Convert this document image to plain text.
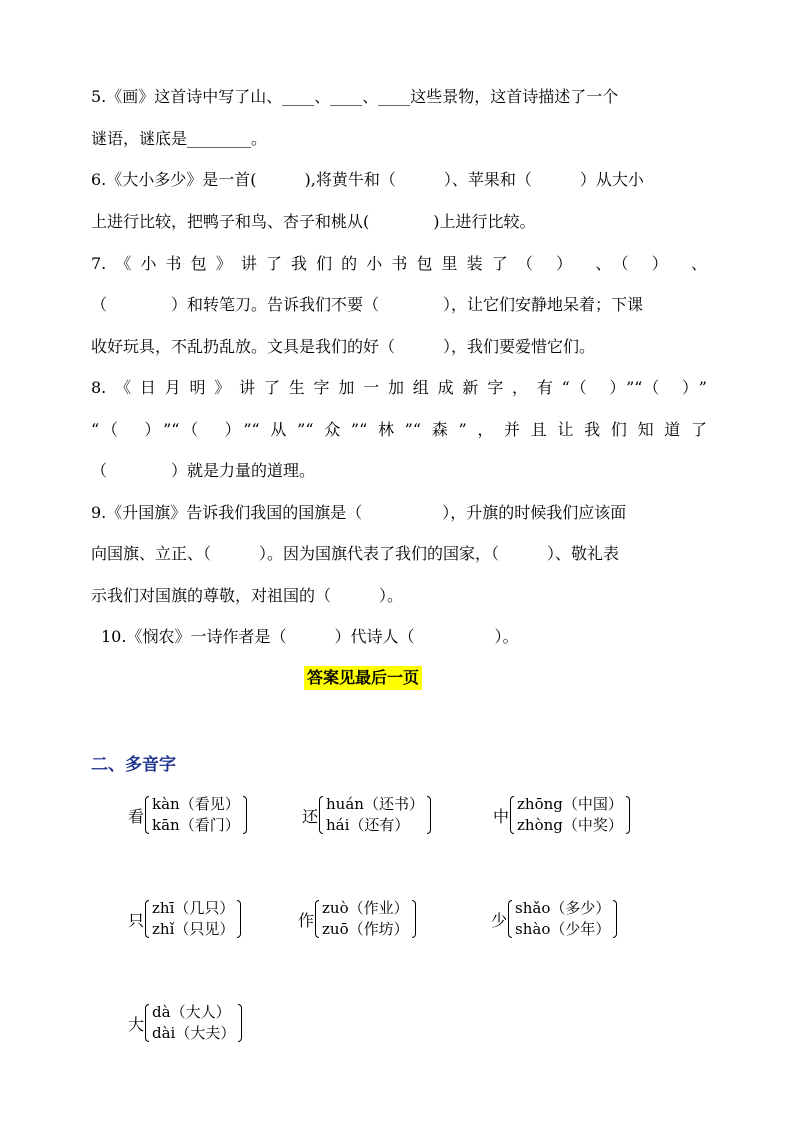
5.《画》这首诗中写了山、____、____、____这些景物，这首诗描述了一个
谜语，谜底是________。
6.《大小多少》是一首(　　　),将黄牛和（　　　）、苹果和（　　　）从大小
上进行比较，把鸭子和鸟、杏子和桃从(　　　　)上进行比较。
7.《小书包》讲了我们的小书包里装了（ ） 、（ ） 、
（　　　　）和转笔刀。告诉我们不要（　　　　），让它们安静地呆着；下课
收好玩具，不乱扔乱放。文具是我们的好（　　　），我们要爱惜它们。
8.《日月明》讲了生字加一加组成新字，有“（ ）”“（ ）”
“（ ）”“（ ）”“从”“众”“林”“森”，并且让我们知道了
（　　　　）就是力量的道理。
9.《升国旗》告诉我们我国的国旗是（　　　　　），升旗的时候我们应该面
向国旗、立正、（　　　）。因为国旗代表了我们的国家，（　　　）、敬礼表
示我们对国旗的尊敬，对祖国的（　　　）。
10.《悯农》一诗作者是（　　　）代诗人（　　　　　）。
答案见最后一页
二、多音字
看
kàn（看见）
kān（看门）	还
huán（还书）
hái（还有）	中
zhōng（中国）
zhòng（中奖）
只
zhī（几只）
zhǐ（只见）	作
zuò（作业）
zuō（作坊）	少
shǎo（多少）
shào（少年）
大
dà（大人）
dài（大夫）
